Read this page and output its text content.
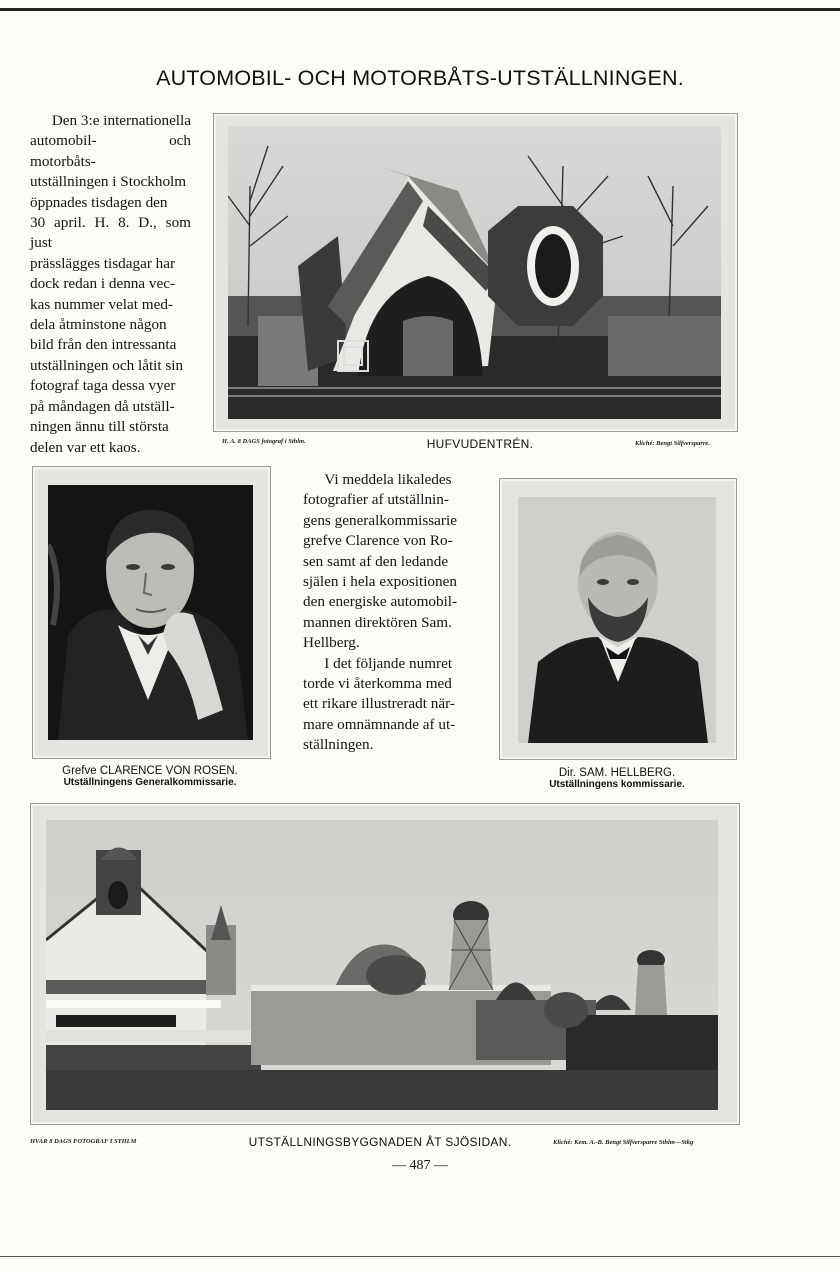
AUTOMOBIL- OCH MOTORBÅTS-UTSTÄLLNINGEN.
Den 3:e internationella
automobil- och motorbåts-
utställningen i Stockholm
öppnades tisdagen den
30 april. H. 8. D., som just
prässlägges tisdagar har
dock redan i denna vec-
kas nummer velat med-
dela åtminstone någon
bild från den intressanta
utställningen och låtit sin
fotograf taga dessa vyer
på måndagen då utställ-
ningen ännu till största
delen var ett kaos.	H. A. 8 DAGS fotograf i Sthlm.	HUFVUDENTRÉN.	Kliché: Bengt Silfversparre.
Grefve CLARENCE VON ROSEN.
Utställningens Generalkommissarie.
Vi meddela likaledes
fotografier af utställnin-
gens generalkommissarie
grefve Clarence von Ro-
sen samt af den ledande
själen i hela expositionen
den energiske automobil-
mannen direktören Sam.
Hellberg.
I det följande numret
torde vi återkomma med
ett rikare illustreradt när-
mare omnämnande af ut-
ställningen.
Dir. SAM. HELLBERG.
Utställningens kommissarie.
HVAR 8 DAGS FOTOGRAF I STHLM	UTSTÄLLNINGSBYGGNADEN ÅT SJÖSIDAN.	Kliché: Kem. A.-B. Bengt Silfversparre Sthlm—Stkg
— 487 —
